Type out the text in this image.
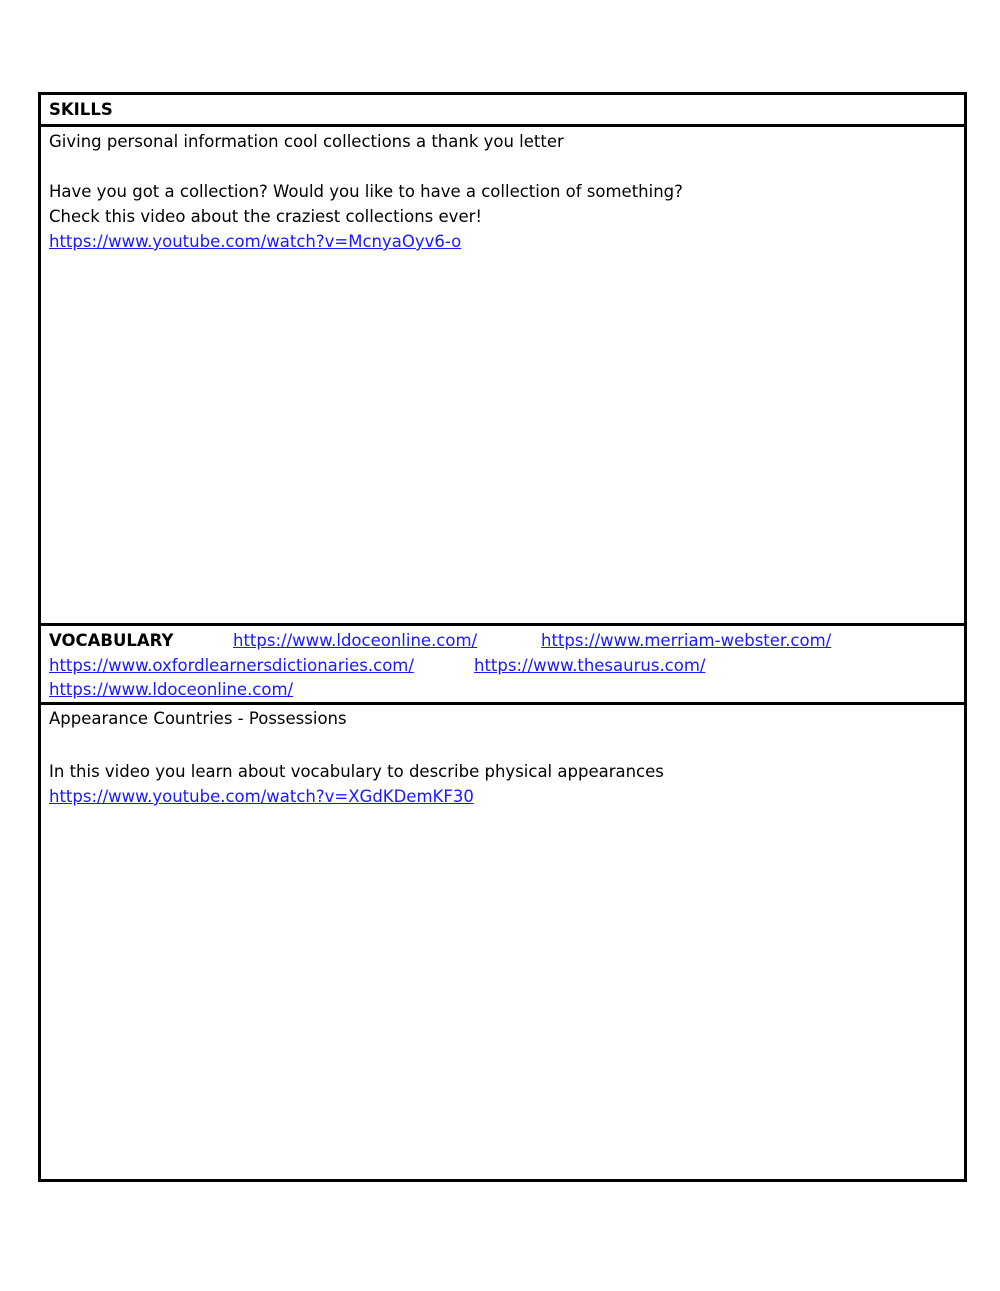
SKILLS
Giving personal information cool collections a thank you letter
Have you got a collection? Would you like to have a collection of something?
Check this video about the craziest collections ever!
https://www.youtube.com/watch?v=McnyaOyv6-o
VOCABULARY	https://www.ldoceonline.com/	https://www.merriam-webster.com/
https://www.oxfordlearnersdictionaries.com/	https://www.thesaurus.com/
https://www.ldoceonline.com/
Appearance Countries - Possessions
In this video you learn about vocabulary to describe physical appearances
https://www.youtube.com/watch?v=XGdKDemKF30
